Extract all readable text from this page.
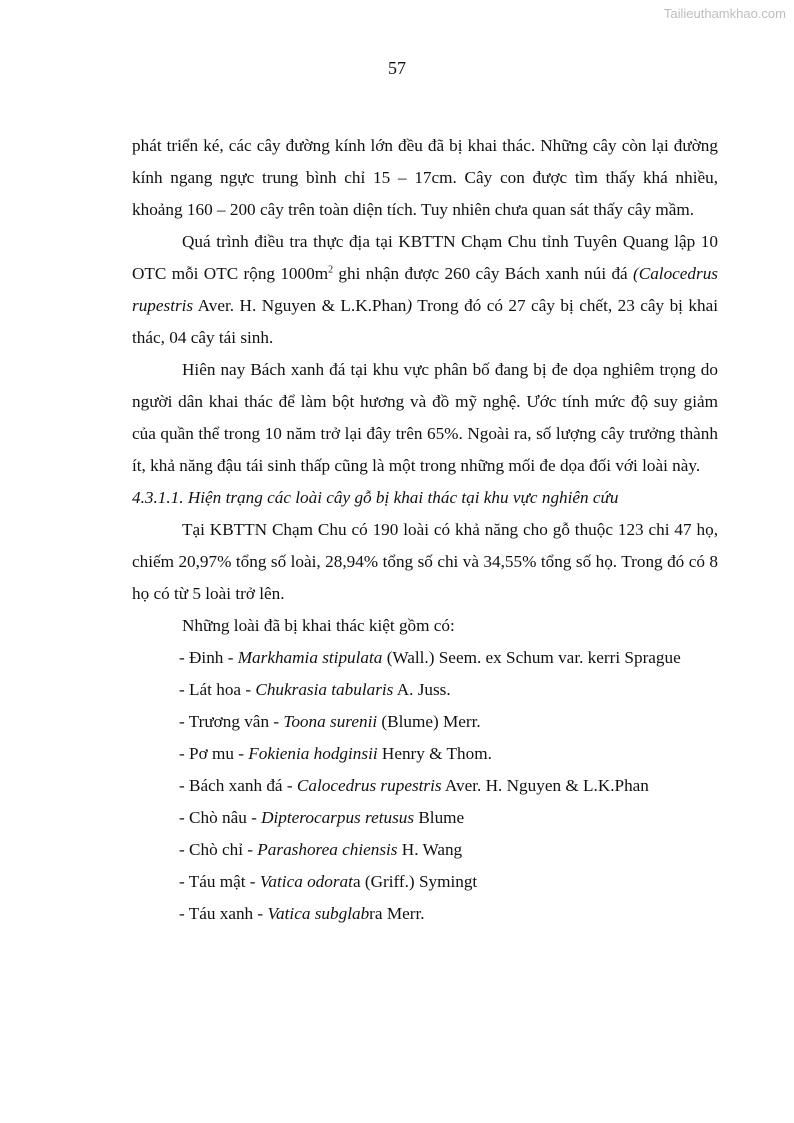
Tailieuthamkhao.com
57

phát triển ké, các cây đường kính lớn đều đã bị khai thác. Những cây còn lại đường kính ngang ngực trung bình chỉ 15 – 17cm. Cây con được tìm thấy khá nhiều, khoảng 160 – 200 cây trên toàn diện tích. Tuy nhiên chưa quan sát thấy cây mầm.

Quá trình điều tra thực địa tại KBTTN Chạm Chu tỉnh Tuyên Quang lập 10 OTC mỗi OTC rộng $1000m^2$ ghi nhận được 260 cây Bách xanh núi đá (Calocedrus rupestris Aver. H. Nguyen & L.K.Phan) Trong đó có 27 cây bị chết, 23 cây bị khai thác, 04 cây tái sinh.

Hiên nay Bách xanh đá tại khu vực phân bố đang bị đe dọa nghiêm trọng do người dân khai thác để làm bột hương và đồ mỹ nghệ. Ước tính mức độ suy giảm của quần thể trong 10 năm trở lại đây trên 65%. Ngoài ra, số lượng cây trưởng thành ít, khả năng đậu tái sinh thấp cũng là một trong những mối đe dọa đối với loài này.

4.3.1.1. Hiện trạng các loài cây gỗ bị khai thác tại khu vực nghiên cứu

Tại KBTTN Chạm Chu có 190 loài có khả năng cho gỗ thuộc 123 chi 47 họ, chiếm 20,97% tổng số loài, 28,94% tổng số chi và 34,55% tổng số họ. Trong đó có 8 họ có từ 5 loài trở lên.

Những loài đã bị khai thác kiệt gồm có:

- Đinh - Markhamia stipulata (Wall.) Seem. ex Schum var. kerri Sprague

- Lát hoa - Chukrasia tabularis A. Juss.

- Trương vân - Toona surenii (Blume) Merr.

- Pơ mu - Fokienia hodginsii Henry & Thom.

- Bách xanh đá - Calocedrus rupestris Aver. H. Nguyen & L.K.Phan

- Chò nâu - Dipterocarpus retusus Blume

- Chò chỉ - Parashorea chiensis H. Wang

- Táu mật - Vatica odorata (Griff.) Symingt

- Táu xanh - Vatica subglabra Merr.
